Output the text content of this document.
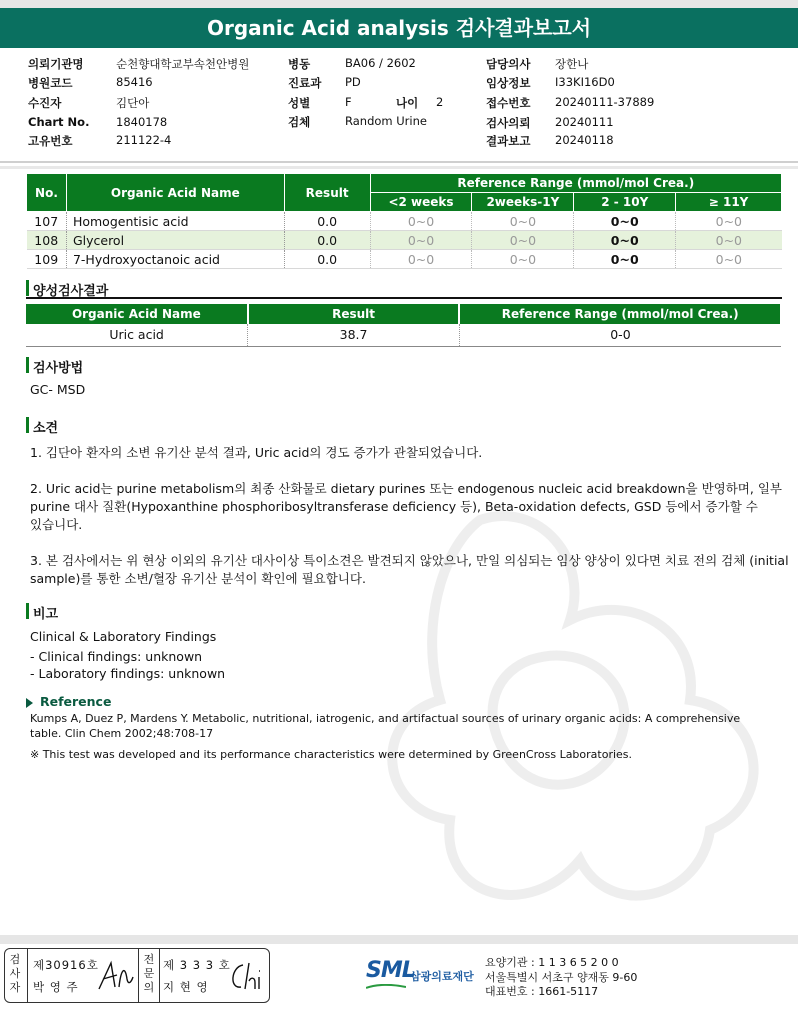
Organic Acid analysis 검사결과보고서
의뢰기관명	순천향대학교부속천안병원
병원코드	85416
수진자	김단아
Chart No. 1840178
고유번호	211122-4
병동	BA06 / 2602
진료과 PD
성별	F	나이 2
검체	Random Urine
담당의사 장한나
임상정보 I33KI16D0
접수번호 20240111-37889
검사의뢰 20240111
결과보고 20240118
No.	Organic Acid Name	Result	Reference Range (mmol/mol Crea.)			
			<2 weeks	2weeks-1Y	2 - 10Y	≥ 11Y
107	Homogentisic acid	0.0	0~0	0~0	0~0	0~0
108	Glycerol	0.0	0~0	0~0	0~0	0~0
109	7-Hydroxyoctanoic acid	0.0	0~0	0~0	0~0	0~0
양성검사결과
Organic Acid Name	Result	Reference Range (mmol/mol Crea.)
Uric acid	38.7	0-0
검사방법
GC- MSD
소견
1. 김단아 환자의 소변 유기산 분석 결과, Uric acid의 경도 증가가 관찰되었습니다.
2. Uric acid는 purine metabolism의 최종 산화물로 dietary purines 또는 endogenous nucleic acid breakdown을 반영하며, 일부
purine 대사 질환(Hypoxanthine phosphoribosyltransferase deficiency 등), Beta-oxidation defects, GSD 등에서 증가할 수
있습니다.
3. 본 검사에서는 위 현상 이외의 유기산 대사이상 특이소견은 발견되지 않았으나, 만일 의심되는 임상 양상이 있다면 치료 전의 검체 (initial
sample)를 통한 소변/혈장 유기산 분석이 확인에 필요합니다.
비고
Clinical & Laboratory Findings
- Clinical findings: unknown
- Laboratory findings: unknown
Reference
Kumps A, Duez P, Mardens Y. Metabolic, nutritional, iatrogenic, and artifactual sources of urinary organic acids: A comprehensive
table. Clin Chem 2002;48:708-17
※ This test was developed and its performance characteristics were determined by GreenCross Laboratories.
검
사
자
제30916호
박 영 주
전
문
의
제 3 3 3 호
지 현 영
SML
삼광의료재단
요양기관 : 1 1 3 6 5 2 0 0
서울특별시 서초구 양재동 9-60
대표번호 : 1661-5117
